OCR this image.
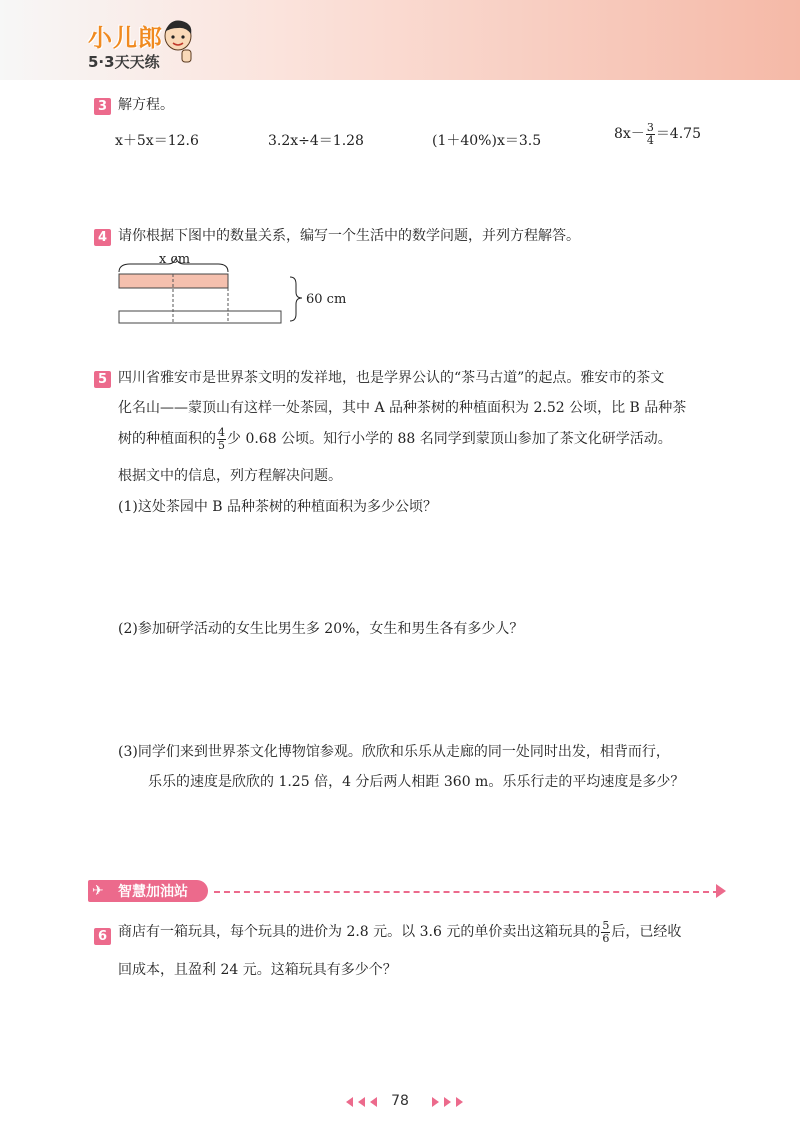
小儿郎
5·3天天练
3 解方程。
x＋5x＝12.6	3.2x÷4＝1.28	(1＋40%)x＝3.5	$8x- \frac{3}{4} =4.75$
4 请你根据下图中的数量关系，编写一个生活中的数学问题，并列方程解答。
x cm
60 cm
5 四川省雅安市是世界茶文明的发祥地，也是学界公认的“茶马古道”的起点。雅安市的茶文
化名山——蒙顶山有这样一处茶园，其中 A 品种茶树的种植面积为 2.52 公顷，比 B 品种茶
树的种植面积的 $\frac{4}{5}$ 少 0.68 公顷。知行小学的 88 名同学到蒙顶山参加了茶文化研学活动。
根据文中的信息，列方程解决问题。
(1)这处茶园中 B 品种茶树的种植面积为多少公顷？
(2)参加研学活动的女生比男生多 20%，女生和男生各有多少人？
(3)同学们来到世界茶文化博物馆参观。欣欣和乐乐从走廊的同一处同时出发，相背而行，
乐乐的速度是欣欣的 1.25 倍，4 分后两人相距 360 m。乐乐行走的平均速度是多少？
✈ 智慧加油站
6 商店有一箱玩具，每个玩具的进价为 2.8 元。以 3.6 元的单价卖出这箱玩具的 $\frac{5}{6}$ 后，已经收
回成本，且盈利 24 元。这箱玩具有多少个？
78
